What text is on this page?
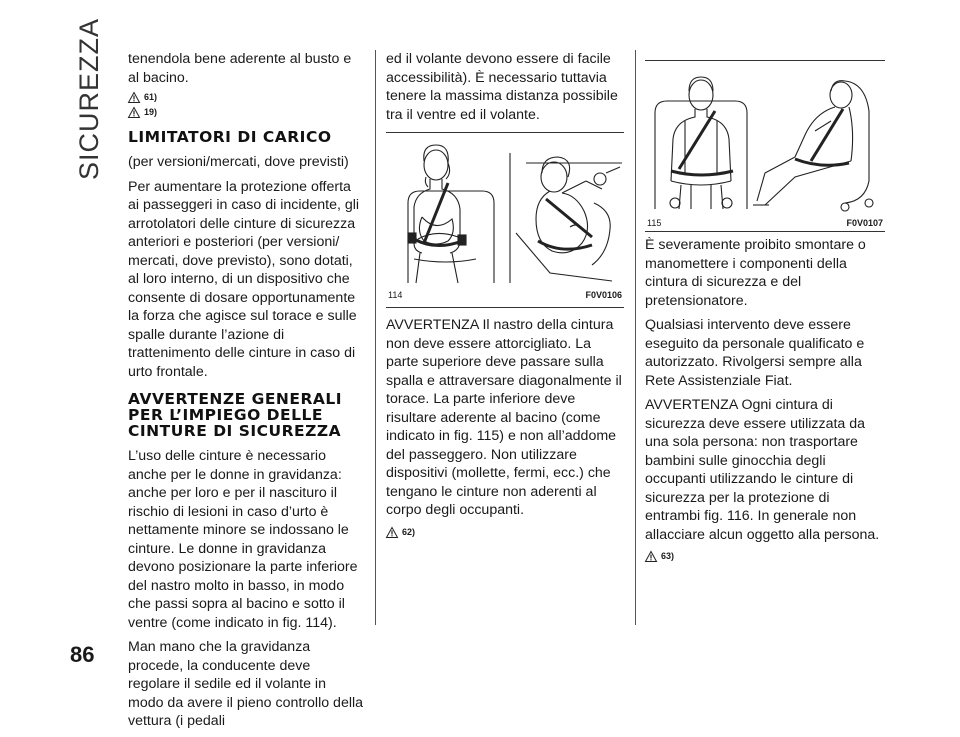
SICUREZZA tenendola bene aderente al busto e al bacino.

61)
19)
LIMITATORI DI CARICO

(per versioni/mercati, dove previsti)

Per aumentare la protezione offerta ai passeggeri in caso di incidente, gli arrotolatori delle cinture di sicurezza anteriori e posteriori (per versioni/ mercati, dove previsto), sono dotati, al loro interno, di un dispositivo che consente di dosare opportunamente la forza che agisce sul torace e sulle spalle durante l’azione di trattenimento delle cinture in caso di urto frontale.

AVVERTENZE GENERALI PER L’IMPIEGO DELLE CINTURE DI SICUREZZA

L’uso delle cinture è necessario anche per le donne in gravidanza: anche per loro e per il nascituro il rischio di lesioni in caso d’urto è nettamente minore se indossano le cinture. Le donne in gravidanza devono posizionare la parte inferiore del nastro molto in basso, in modo che passi sopra al bacino e sotto il ventre (come indicato in fig. 114).

Man mano che la gravidanza procede, la conducente deve regolare il sedile ed il volante in modo da avere il pieno controllo della vettura (i pedali

ed il volante devono essere di facile accessibilità). È necessario tuttavia tenere la massima distanza possibile tra il ventre ed il volante.

114	F0V0106

AVVERTENZA Il nastro della cintura non deve essere attorcigliato. La parte superiore deve passare sulla spalla e attraversare diagonalmente il torace. La parte inferiore deve risultare aderente al bacino (come indicato in fig. 115) e non all’addome del passeggero. Non utilizzare dispositivi (mollette, fermi, ecc.) che tengano le cinture non aderenti al corpo degli occupanti.

62)
115	F0V0107

È severamente proibito smontare o manomettere i componenti della cintura di sicurezza e del pretensionatore.

Qualsiasi intervento deve essere eseguito da personale qualificato e autorizzato. Rivolgersi sempre alla Rete Assistenziale Fiat.

AVVERTENZA Ogni cintura di sicurezza deve essere utilizzata da una sola persona: non trasportare bambini sulle ginocchia degli occupanti utilizzando le cinture di sicurezza per la protezione di entrambi fig. 116. In generale non allacciare alcun oggetto alla persona.

63)
86
